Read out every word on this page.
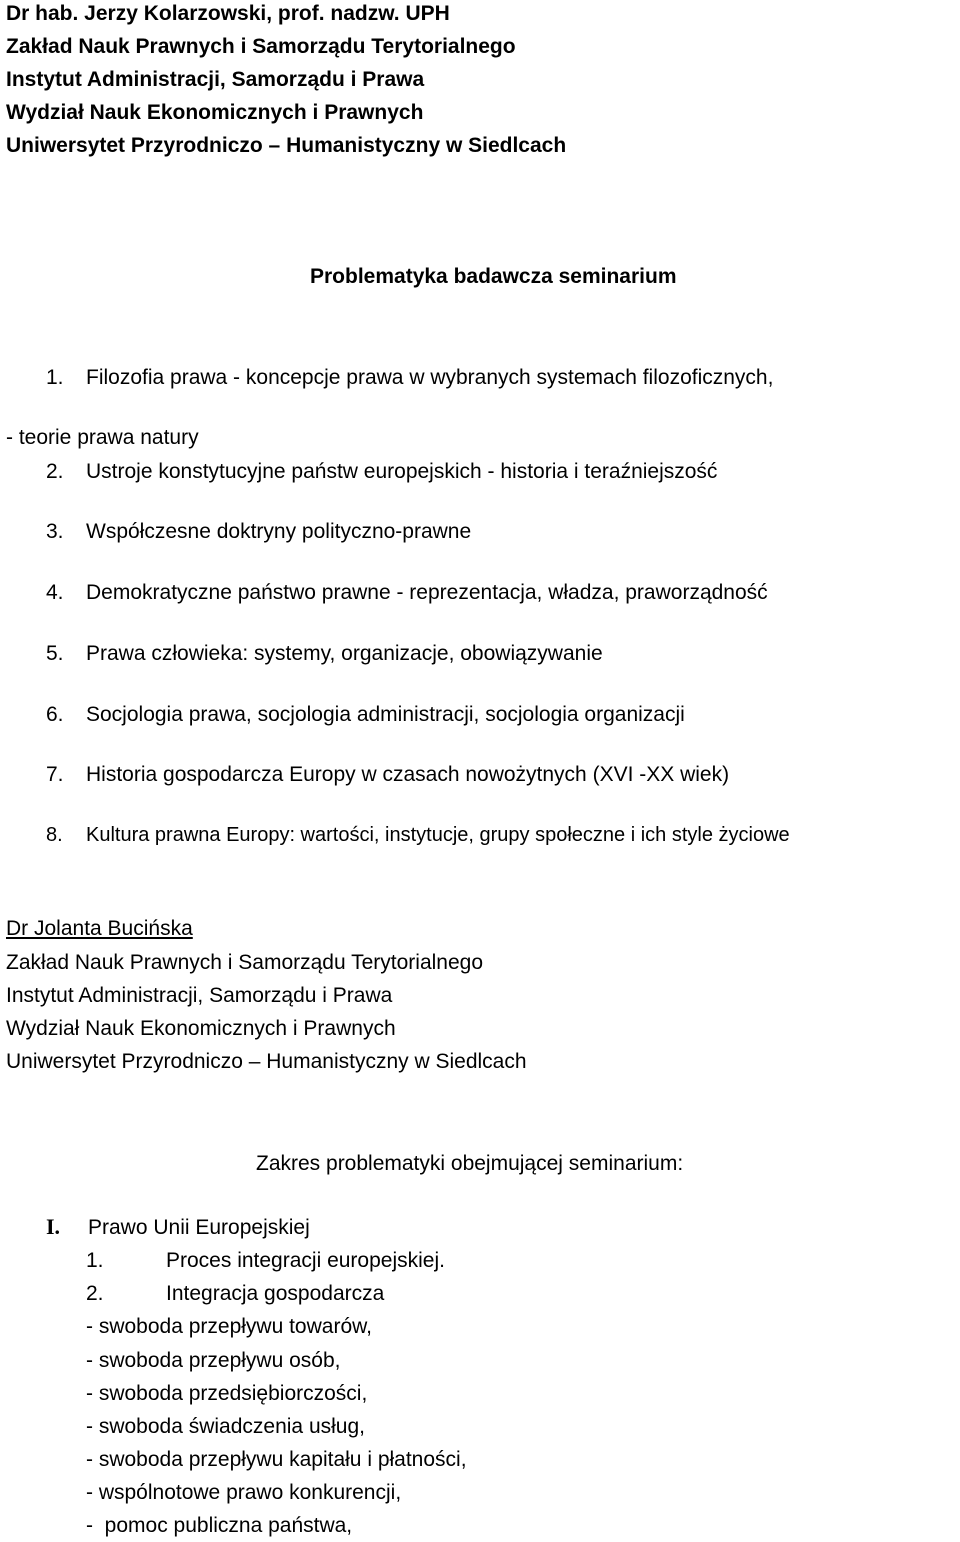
Dr hab. Jerzy Kolarzowski, prof. nadzw. UPH
Zakład Nauk Prawnych i Samorządu Terytorialnego
Instytut Administracji, Samorządu i Prawa
Wydział Nauk Ekonomicznych i Prawnych
Uniwersytet Przyrodniczo – Humanistyczny w Siedlcach
Problematyka badawcza seminarium
1. Filozofia prawa - koncepcje prawa w wybranych systemach filozoficznych,
- teorie prawa natury
2. Ustroje konstytucyjne państw europejskich - historia i teraźniejszość
3. Współczesne doktryny polityczno-prawne
4. Demokratyczne państwo prawne - reprezentacja, władza, praworządność
5. Prawa człowieka: systemy, organizacje, obowiązywanie
6. Socjologia prawa, socjologia administracji, socjologia organizacji
7. Historia gospodarcza Europy w czasach nowożytnych (XVI -XX wiek)
8. Kultura prawna Europy: wartości, instytucje, grupy społeczne i ich style życiowe
Dr Jolanta Bucińska
Zakład Nauk Prawnych i Samorządu Terytorialnego
Instytut Administracji, Samorządu i Prawa
Wydział Nauk Ekonomicznych i Prawnych
Uniwersytet Przyrodniczo – Humanistyczny w Siedlcach
Zakres problematyki obejmującej seminarium:
I. Prawo Unii Europejskiej
1.	Proces integracji europejskiej.
2.	Integracja gospodarcza
- swoboda przepływu towarów,
- swoboda przepływu osób,
- swoboda przedsiębiorczości,
- swoboda świadczenia usług,
- swoboda przepływu kapitału i płatności,
- wspólnotowe prawo konkurencji,
-  pomoc publiczna państwa,
